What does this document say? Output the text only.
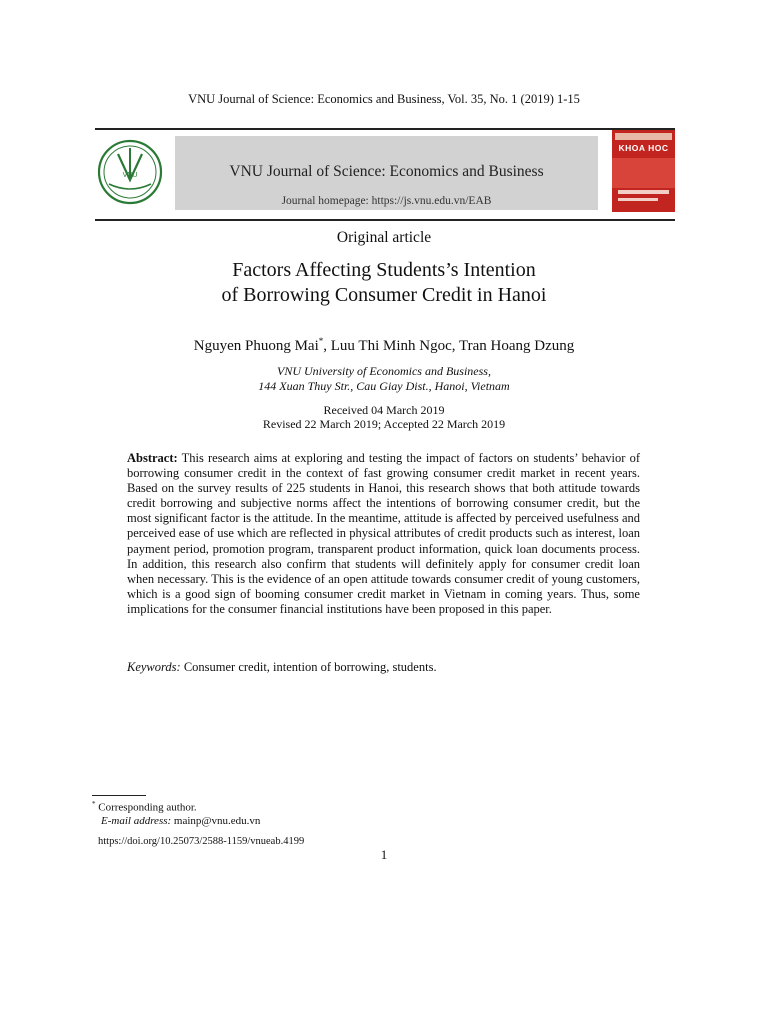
VNU Journal of Science: Economics and Business, Vol. 35, No. 1 (2019) 1-15
VNU	VNU Journal of Science: Economics and Business
Journal homepage: https://js.vnu.edu.vn/EAB
KHOA HOC
Original article
Factors Affecting Students’s Intention
of Borrowing Consumer Credit in Hanoi
Nguyen Phuong Mai*, Luu Thi Minh Ngoc, Tran Hoang Dzung
VNU University of Economics and Business,
144 Xuan Thuy Str., Cau Giay Dist., Hanoi, Vietnam
Received 04 March 2019
Revised 22 March 2019; Accepted 22 March 2019
Abstract: This research aims at exploring and testing the impact of factors on students’ behavior of borrowing consumer credit in the context of fast growing consumer credit market in recent years. Based on the survey results of 225 students in Hanoi, this research shows that both attitude towards credit borrowing and subjective norms affect the intentions of borrowing consumer credit, but the most significant factor is the attitude. In the meantime, attitude is affected by perceived usefulness and perceived ease of use which are reflected in physical attributes of credit products such as interest, loan payment period, promotion program, transparent product information, quick loan documents process. In addition, this research also confirm that students will definitely apply for consumer credit loan when necessary. This is the evidence of an open attitude towards consumer credit of young customers, which is a good sign of booming consumer credit market in Vietnam in coming years. Thus, some implications for the consumer financial institutions have been proposed in this paper.
Keywords: Consumer credit, intention of borrowing, students.
* Corresponding author.
E-mail address: mainp@vnu.edu.vn
https://doi.org/10.25073/2588-1159/vnueab.4199
1
